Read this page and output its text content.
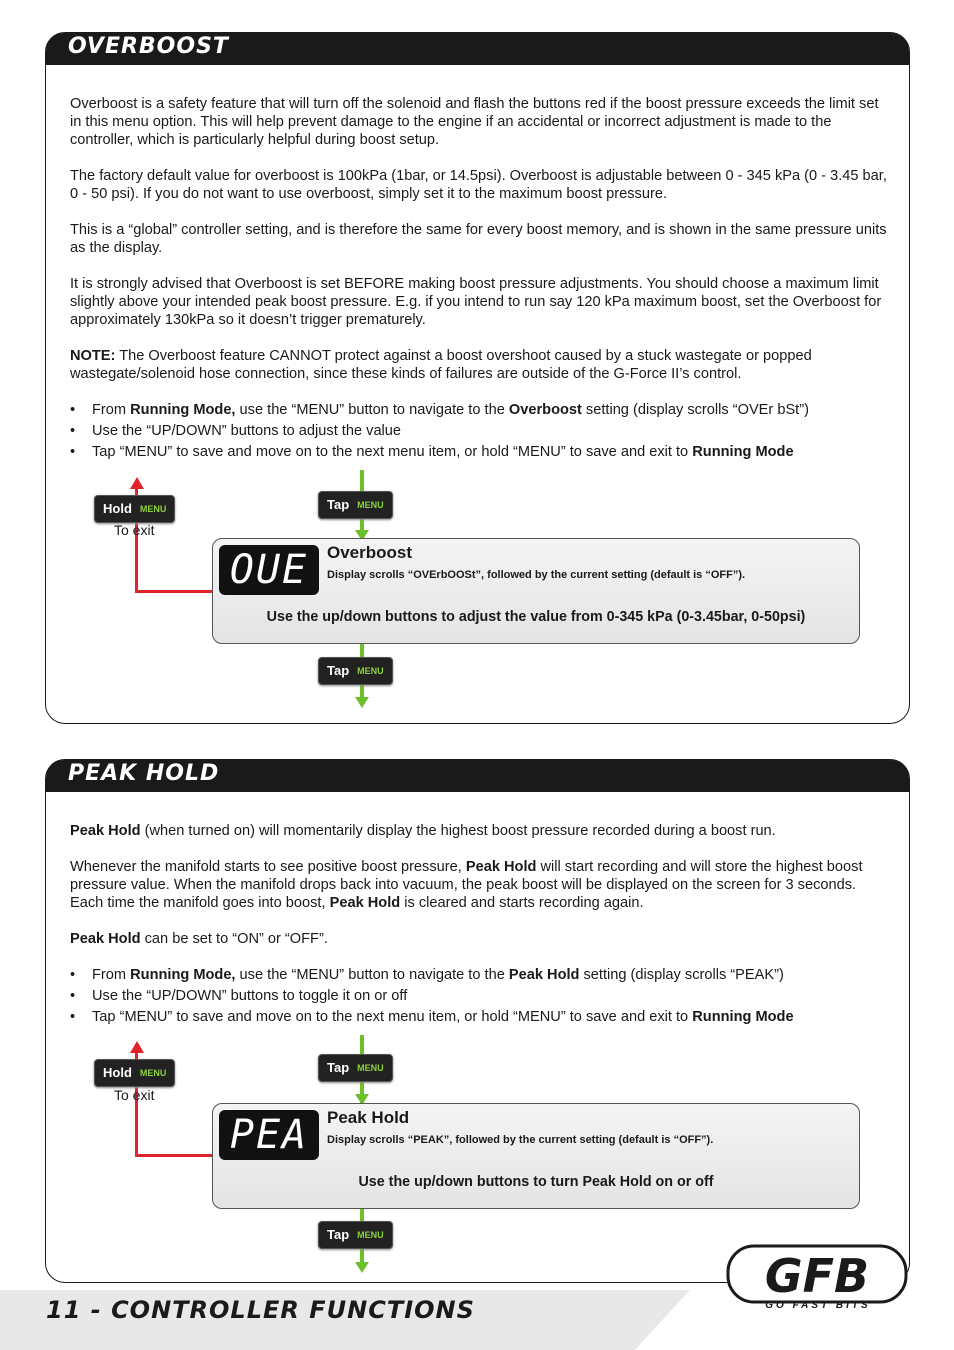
OVERBOOST

Overboost is a safety feature that will turn off the solenoid and flash the buttons red if the boost pressure exceeds the limit set in this menu option. This will help prevent damage to the engine if an accidental or incorrect adjustment is made to the controller, which is particularly helpful during boost setup.

The factory default value for overboost is 100kPa (1bar, or 14.5psi). Overboost is adjustable between 0 - 345 kPa (0 - 3.45 bar, 0 - 50 psi). If you do not want to use overboost, simply set it to the maximum boost pressure.

This is a “global” controller setting, and is therefore the same for every boost memory, and is shown in the same pressure units as the display.

It is strongly advised that Overboost is set BEFORE making boost pressure adjustments. You should choose a maximum limit slightly above your intended peak boost pressure. E.g. if you intend to run say 120 kPa maximum boost, set the Overboost for approximately 130kPa so it doesn’t trigger prematurely.

NOTE: The Overboost feature CANNOT protect against a boost overshoot caused by a stuck wastegate or popped wastegate/solenoid hose connection, since these kinds of failures are outside of the G-Force II’s control.

• From Running Mode, use the “MENU” button to navigate to the Overboost setting (display scrolls “OVEr bSt”)
• Use the “UP/DOWN” buttons to adjust the value
• Tap “MENU” to save and move on to the next menu item, or hold “MENU” to save and exit to Running Mode
Hold MENU
To exit
Tap MENU
OUE	Overboost
Display scrolls “OVErbOOSt”, followed by the current setting (default is “OFF”).
Use the up/down buttons to adjust the value from 0-345 kPa (0-3.45bar, 0-50psi)
Tap MENU
PEAK HOLD

Peak Hold (when turned on) will momentarily display the highest boost pressure recorded during a boost run.

Whenever the manifold starts to see positive boost pressure, Peak Hold will start recording and will store the highest boost pressure value. When the manifold drops back into vacuum, the peak boost will be displayed on the screen for 3 seconds. Each time the manifold goes into boost, Peak Hold is cleared and starts recording again.

Peak Hold can be set to “ON” or “OFF”.

• From Running Mode, use the “MENU” button to navigate to the Peak Hold setting (display scrolls “PEAK”)
• Use the “UP/DOWN” buttons to toggle it on or off
• Tap “MENU” to save and move on to the next menu item, or hold “MENU” to save and exit to Running Mode
Hold MENU
To exit
Tap MENU
PEA	Peak Hold
Display scrolls “PEAK”, followed by the current setting (default is “OFF”).
Use the up/down buttons to turn Peak Hold on or off
Tap MENU
11 - CONTROLLER FUNCTIONS
GFB
GO FAST BITS
